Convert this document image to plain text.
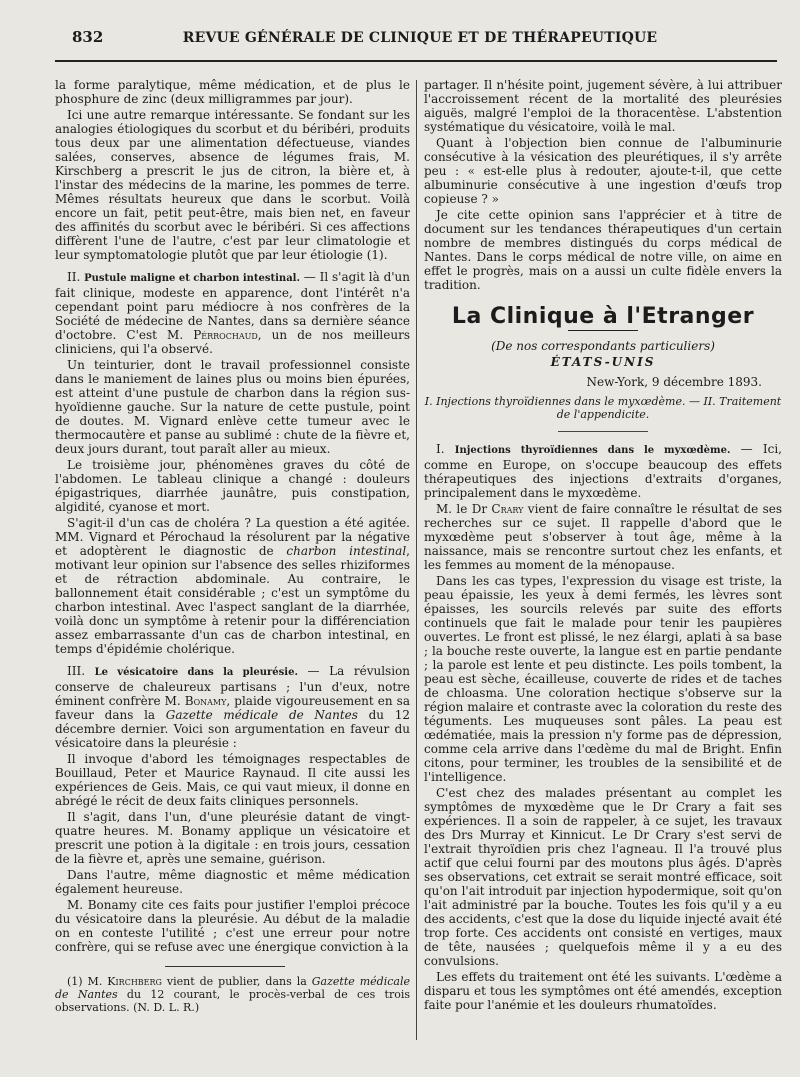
832	REVUE GÉNÉRALE DE CLINIQUE ET DE THÉRAPEUTIQUE

la forme paralytique, même médication, et de plus le phosphure de zinc (deux milligrammes par jour).

Ici une autre remarque intéressante. Se fondant sur les analogies étiologiques du scorbut et du béribéri, produits tous deux par une alimentation défectueuse, viandes salées, conserves, absence de légumes frais, M. Kirschberg a prescrit le jus de citron, la bière et, à l'instar des médecins de la marine, les pommes de terre. Mêmes résultats heureux que dans le scorbut. Voilà encore un fait, petit peut-être, mais bien net, en faveur des affinités du scorbut avec le béribéri. Si ces affections diffèrent l'une de l'autre, c'est par leur climatologie et leur symptomatologie plutôt que par leur étiologie (1).

II. Pustule maligne et charbon intestinal. — Il s'agit là d'un fait clinique, modeste en apparence, dont l'intérêt n'a cependant point paru médiocre à nos confrères de la Société de médecine de Nantes, dans sa dernière séance d'octobre. C'est M. Pérrochaud, un de nos meilleurs cliniciens, qui l'a observé.

Un teinturier, dont le travail professionnel consiste dans le maniement de laines plus ou moins bien épurées, est atteint d'une pustule de charbon dans la région sus-hyoïdienne gauche. Sur la nature de cette pustule, point de doutes. M. Vignard enlève cette tumeur avec le thermocautère et panse au sublimé : chute de la fièvre et, deux jours durant, tout paraît aller au mieux.

Le troisième jour, phénomènes graves du côté de l'abdomen. Le tableau clinique a changé : douleurs épigastriques, diarrhée jaunâtre, puis constipation, algidité, cyanose et mort.

S'agit-il d'un cas de choléra ? La question a été agitée. MM. Vignard et Pérochaud la résolurent par la négative et adoptèrent le diagnostic de charbon intestinal, motivant leur opinion sur l'absence des selles rhiziformes et de rétraction abdominale. Au contraire, le ballonnement était considérable ; c'est un symptôme du charbon intestinal. Avec l'aspect sanglant de la diarrhée, voilà donc un symptôme à retenir pour la différenciation assez embarrassante d'un cas de charbon intestinal, en temps d'épidémie cholérique.

III. Le vésicatoire dans la pleurésie. — La révulsion conserve de chaleureux partisans ; l'un d'eux, notre éminent confrère M. Bonamy, plaide vigoureusement en sa faveur dans la Gazette médicale de Nantes du 12 décembre dernier. Voici son argumentation en faveur du vésicatoire dans la pleurésie :

Il invoque d'abord les témoignages respectables de Bouillaud, Peter et Maurice Raynaud. Il cite aussi les expériences de Geis. Mais, ce qui vaut mieux, il donne en abrégé le récit de deux faits cliniques personnels.

Il s'agit, dans l'un, d'une pleurésie datant de vingt-quatre heures. M. Bonamy applique un vésicatoire et prescrit une potion à la digitale : en trois jours, cessation de la fièvre et, après une semaine, guérison.

Dans l'autre, même diagnostic et même médication également heureuse.

M. Bonamy cite ces faits pour justifier l'emploi précoce du vésicatoire dans la pleurésie. Au début de la maladie on en conteste l'utilité ; c'est une erreur pour notre confrère, qui se refuse avec une énergique conviction à la

(1) M. Kirchberg vient de publier, dans la Gazette médicale de Nantes du 12 courant, le procès-verbal de ces trois observations. (N. D. L. R.)

partager. Il n'hésite point, jugement sévère, à lui attribuer l'accroissement récent de la mortalité des pleurésies aiguës, malgré l'emploi de la thoracentèse. L'abstention systématique du vésicatoire, voilà le mal.

Quant à l'objection bien connue de l'albuminurie consécutive à la vésication des pleurétiques, il s'y arrête peu : « est-elle plus à redouter, ajoute-t-il, que cette albuminurie consécutive à une ingestion d'œufs trop copieuse ? »

Je cite cette opinion sans l'apprécier et à titre de document sur les tendances thérapeutiques d'un certain nombre de membres distingués du corps médical de Nantes. Dans le corps médical de notre ville, on aime en effet le progrès, mais on a aussi un culte fidèle envers la tradition.

La Clinique à l'Etranger
(De nos correspondants particuliers)
ÉTATS-UNIS
New-York, 9 décembre 1893.
I. Injections thyroïdiennes dans le myxœdème. — II. Traitement de l'appendicite.

I. Injections thyroïdiennes dans le myxœdème. — Ici, comme en Europe, on s'occupe beaucoup des effets thérapeutiques des injections d'extraits d'organes, principalement dans le myxœdème.

M. le Dr Crary vient de faire connaître le résultat de ses recherches sur ce sujet. Il rappelle d'abord que le myxœdème peut s'observer à tout âge, même à la naissance, mais se rencontre surtout chez les enfants, et les femmes au moment de la ménopause.

Dans les cas types, l'expression du visage est triste, la peau épaissie, les yeux à demi fermés, les lèvres sont épaisses, les sourcils relevés par suite des efforts continuels que fait le malade pour tenir les paupières ouvertes. Le front est plissé, le nez élargi, aplati à sa base ; la bouche reste ouverte, la langue est en partie pendante ; la parole est lente et peu distincte. Les poils tombent, la peau est sèche, écailleuse, couverte de rides et de taches de chloasma. Une coloration hectique s'observe sur la région malaire et contraste avec la coloration du reste des téguments. Les muqueuses sont pâles. La peau est œdématiée, mais la pression n'y forme pas de dépression, comme cela arrive dans l'œdème du mal de Bright. Enfin citons, pour terminer, les troubles de la sensibilité et de l'intelligence.

C'est chez des malades présentant au complet les symptômes de myxœdème que le Dr Crary a fait ses expériences. Il a soin de rappeler, à ce sujet, les travaux des Drs Murray et Kinnicut. Le Dr Crary s'est servi de l'extrait thyroïdien pris chez l'agneau. Il l'a trouvé plus actif que celui fourni par des moutons plus âgés. D'après ses observations, cet extrait se serait montré efficace, soit qu'on l'ait introduit par injection hypodermique, soit qu'on l'ait administré par la bouche. Toutes les fois qu'il y a eu des accidents, c'est que la dose du liquide injecté avait été trop forte. Ces accidents ont consisté en vertiges, maux de tête, nausées ; quelquefois même il y a eu des convulsions.

Les effets du traitement ont été les suivants. L'œdème a disparu et tous les symptômes ont été amendés, exception faite pour l'anémie et les douleurs rhumatoïdes.
